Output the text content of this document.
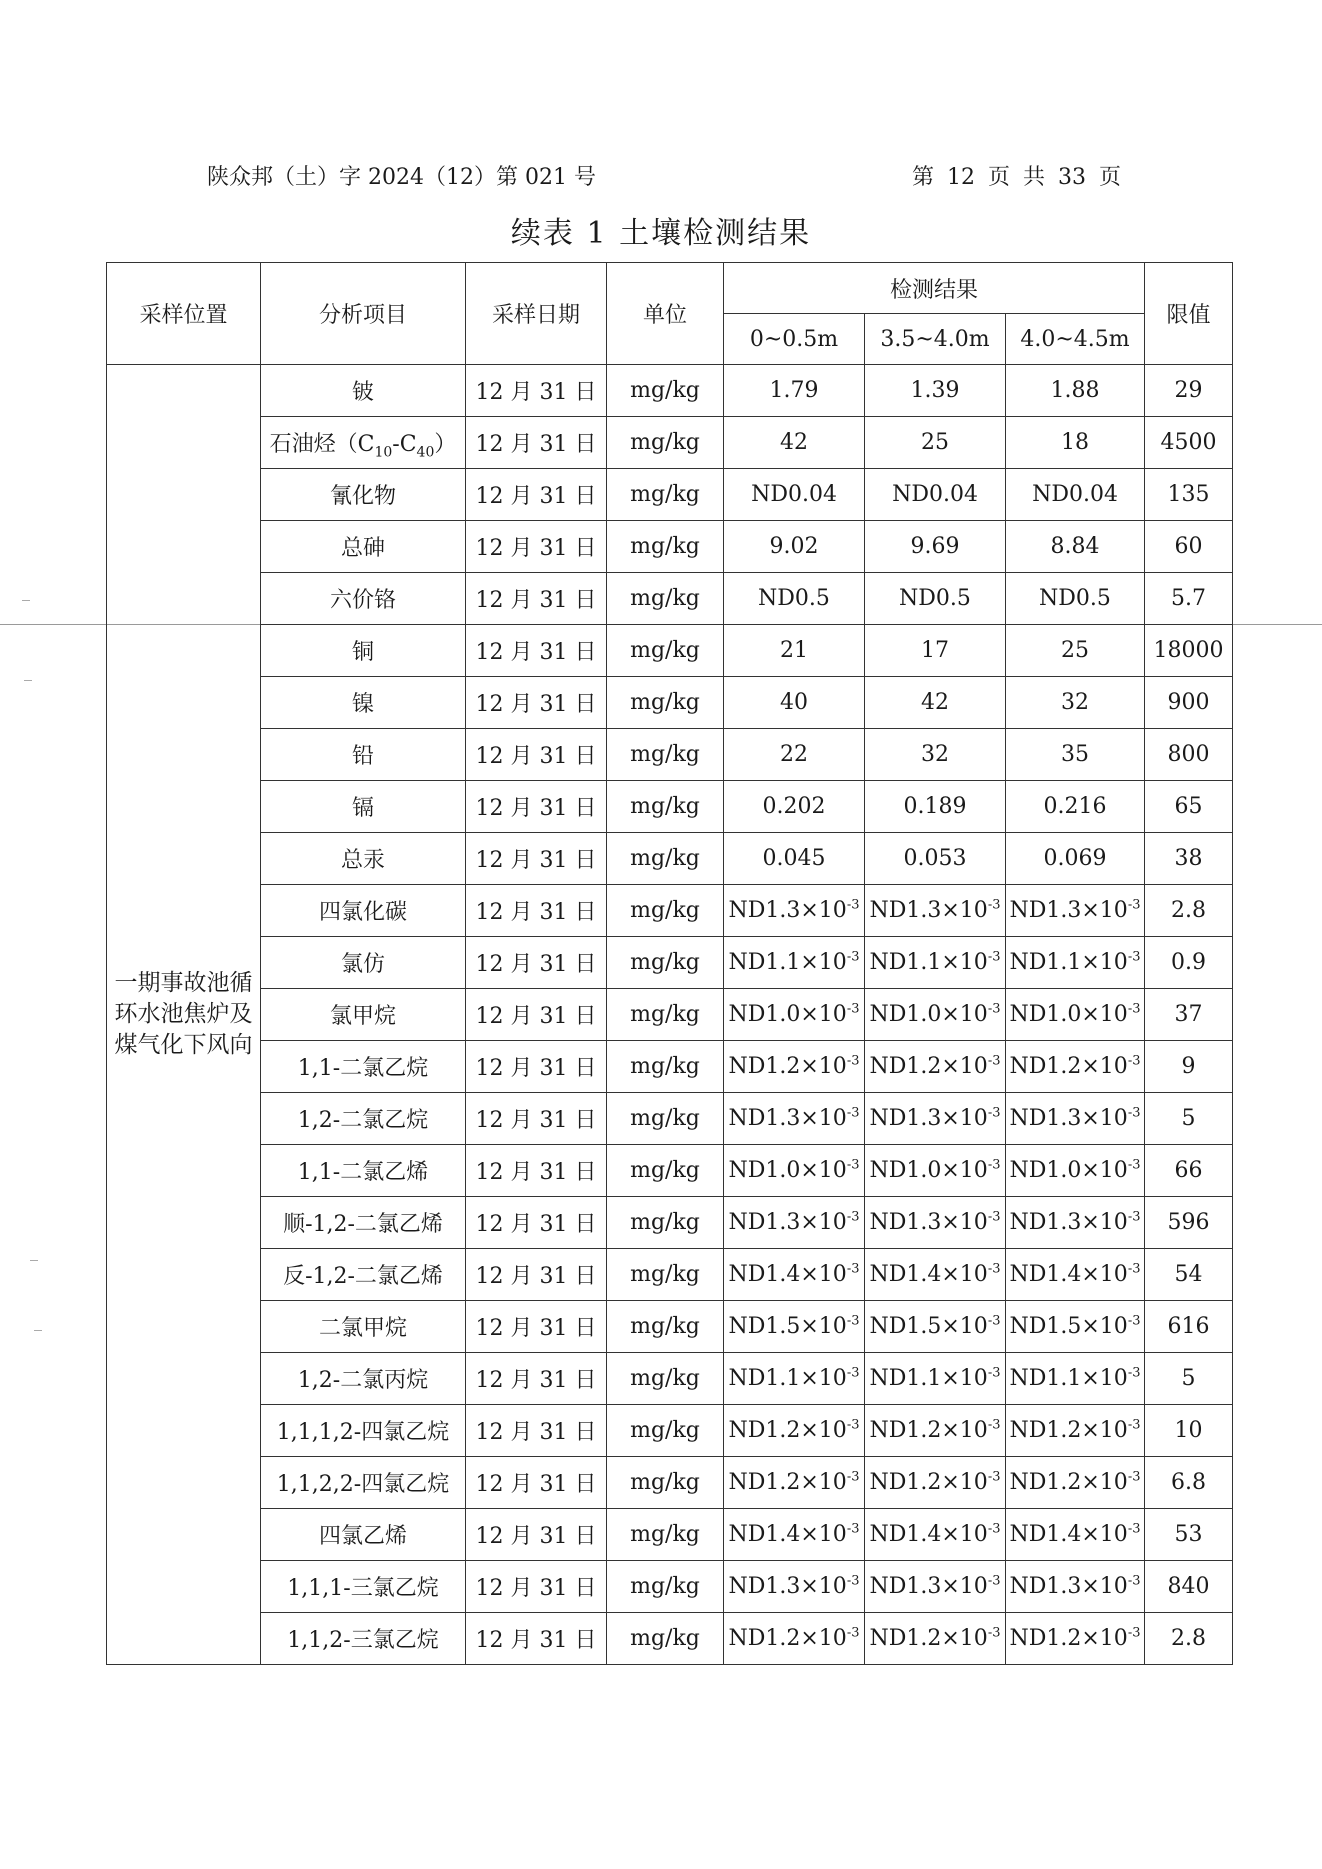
陕众邦（土）字 2024（12）第 021 号	第 12 页 共 33 页
续表 1 土壤检测结果
采样位置	分析项目	采样日期	单位	检测结果			限值
				0~0.5m	3.5~4.0m	4.0~4.5m	
一期事故池循环水池焦炉及煤气化下风向	铍	12 月 31 日	mg/kg	1.79	1.39	1.88	29
	石油烃$(C_{10}-C_{40})$	12 月 31 日	mg/kg	42	25	18	4500
	氰化物	12 月 31 日	mg/kg	ND0.04	ND0.04	ND0.04	135
	总砷	12 月 31 日	mg/kg	9.02	9.69	8.84	60
	六价铬	12 月 31 日	mg/kg	ND0.5	ND0.5	ND0.5	5.7
	铜	12 月 31 日	mg/kg	21	17	25	18000
	镍	12 月 31 日	mg/kg	40	42	32	900
	铅	12 月 31 日	mg/kg	22	32	35	800
	镉	12 月 31 日	mg/kg	0.202	0.189	0.216	65
	总汞	12 月 31 日	mg/kg	0.045	0.053	0.069	38
	四氯化碳	12 月 31 日	mg/kg	$ND1.3\times 10^{-3}$	$ND1.3\times 10^{-3}$	$ND1.3\times 10^{-3}$	2.8
	氯仿	12 月 31 日	mg/kg	$ND1.1\times 10^{-3}$	$ND1.1\times 10^{-3}$	$ND1.1\times 10^{-3}$	0.9
	氯甲烷	12 月 31 日	mg/kg	$ND1.0\times 10^{-3}$	$ND1.0\times 10^{-3}$	$ND1.0\times 10^{-3}$	37
	1,1-二氯乙烷	12 月 31 日	mg/kg	$ND1.2\times 10^{-3}$	$ND1.2\times 10^{-3}$	$ND1.2\times 10^{-3}$	9
	1,2-二氯乙烷	12 月 31 日	mg/kg	$ND1.3\times 10^{-3}$	$ND1.3\times 10^{-3}$	$ND1.3\times 10^{-3}$	5
	1,1-二氯乙烯	12 月 31 日	mg/kg	$ND1.0\times 10^{-3}$	$ND1.0\times 10^{-3}$	$ND1.0\times 10^{-3}$	66
	顺-1,2-二氯乙烯	12 月 31 日	mg/kg	$ND1.3\times 10^{-3}$	$ND1.3\times 10^{-3}$	$ND1.3\times 10^{-3}$	596
	反-1,2-二氯乙烯	12 月 31 日	mg/kg	$ND1.4\times 10^{-3}$	$ND1.4\times 10^{-3}$	$ND1.4\times 10^{-3}$	54
	二氯甲烷	12 月 31 日	mg/kg	$ND1.5\times 10^{-3}$	$ND1.5\times 10^{-3}$	$ND1.5\times 10^{-3}$	616
	1,2-二氯丙烷	12 月 31 日	mg/kg	$ND1.1\times 10^{-3}$	$ND1.1\times 10^{-3}$	$ND1.1\times 10^{-3}$	5
	1,1,1,2-四氯乙烷	12 月 31 日	mg/kg	$ND1.2\times 10^{-3}$	$ND1.2\times 10^{-3}$	$ND1.2\times 10^{-3}$	10
	1,1,2,2-四氯乙烷	12 月 31 日	mg/kg	$ND1.2\times 10^{-3}$	$ND1.2\times 10^{-3}$	$ND1.2\times 10^{-3}$	6.8
	四氯乙烯	12 月 31 日	mg/kg	$ND1.4\times 10^{-3}$	$ND1.4\times 10^{-3}$	$ND1.4\times 10^{-3}$	53
	1,1,1-三氯乙烷	12 月 31 日	mg/kg	$ND1.3\times 10^{-3}$	$ND1.3\times 10^{-3}$	$ND1.3\times 10^{-3}$	840
	1,1,2-三氯乙烷	12 月 31 日	mg/kg	$ND1.2\times 10^{-3}$	$ND1.2\times 10^{-3}$	$ND1.2\times 10^{-3}$	2.8
